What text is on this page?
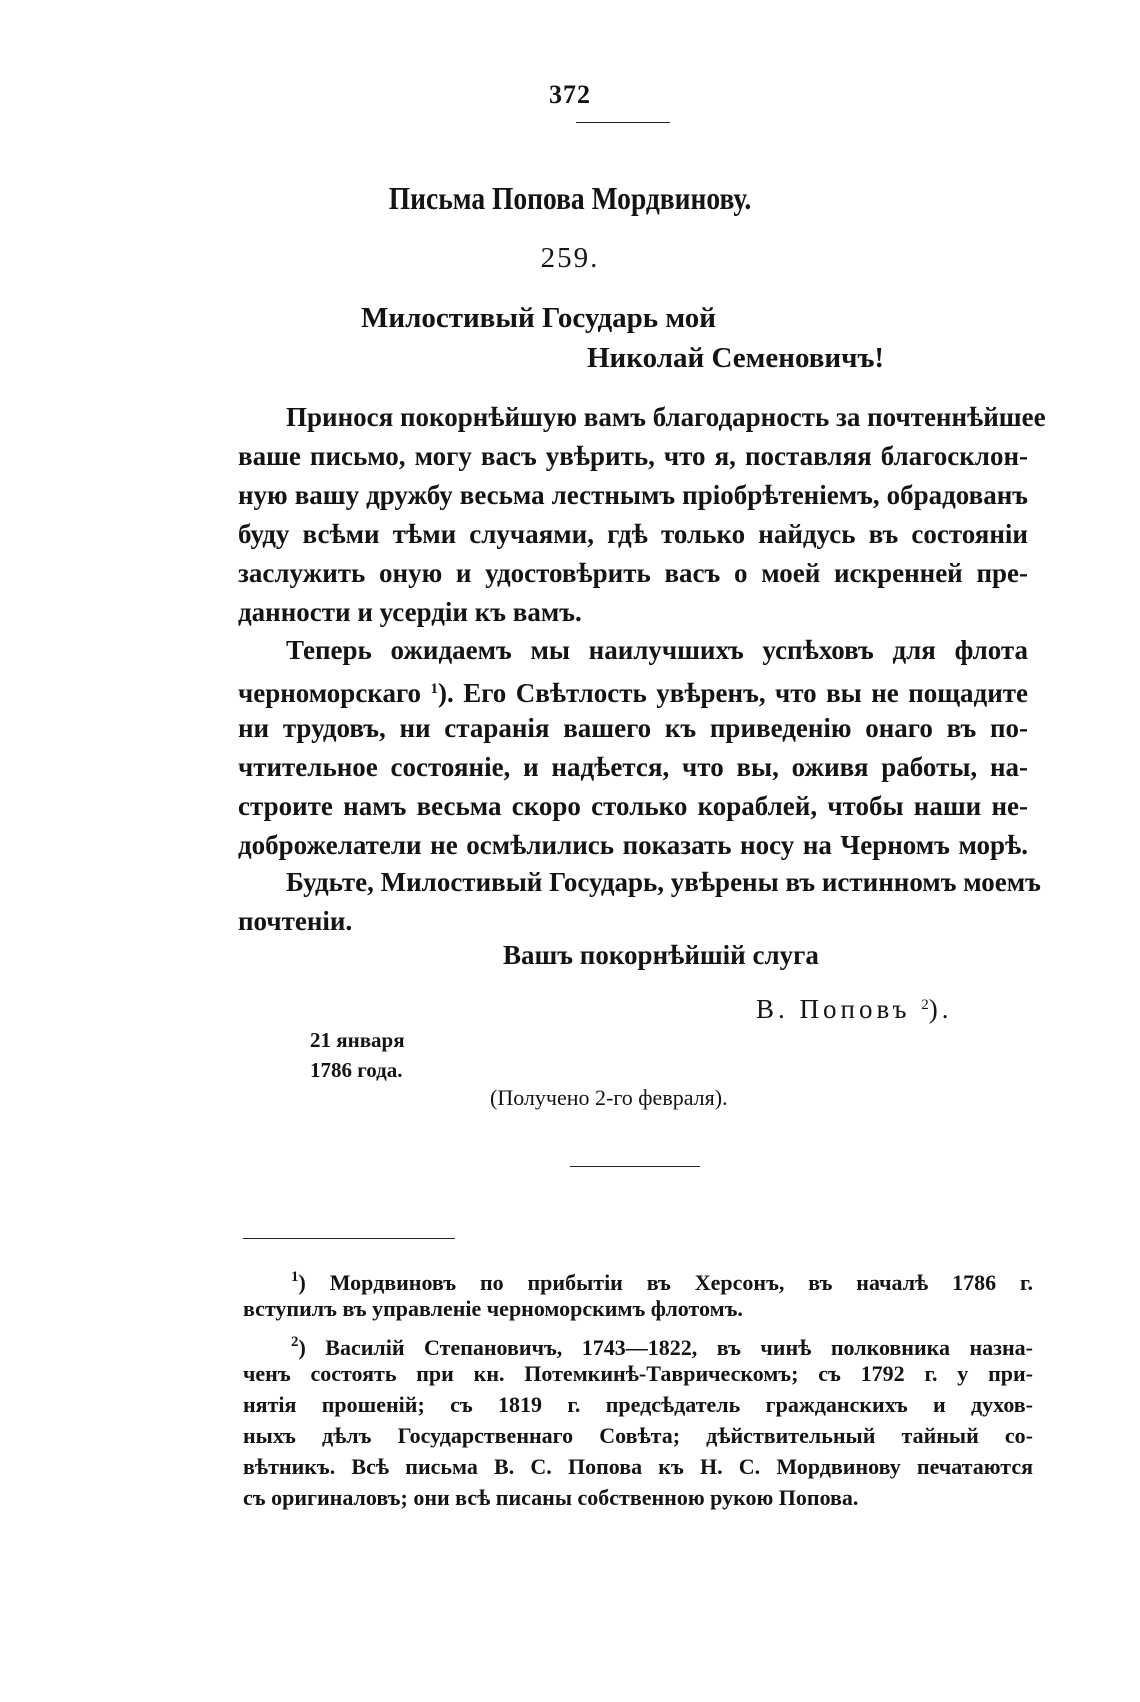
372
Письма Попова Мордвинову.
259.
Милостивый Государь мой
Николай Семеновичъ!
Принося покорнѣйшую вамъ благодарность за почтеннѣйшее
ваше письмо, могу васъ увѣрить, что я, поставляя благосклон-
ную вашу дружбу весьма лестнымъ пріобрѣтеніемъ, обрадованъ
буду всѣми тѣми случаями, гдѣ только найдусь въ состояніи
заслужить оную и удостовѣрить васъ о моей искренней пре-
данности и усердіи къ вамъ.
Теперь ожидаемъ мы наилучшихъ успѣховъ для флота
черноморскаго $^1$). Его Свѣтлость увѣренъ, что вы не пощадите
ни трудовъ, ни старанія вашего къ приведенію онаго въ по-
чтительное состояніе, и надѣется, что вы, оживя работы, на-
строите намъ весьма скоро столько кораблей, чтобы наши не-
доброжелатели не осмѣлились показать носу на Черномъ морѣ.
Будьте, Милостивый Государь, увѣрены въ истинномъ моемъ
почтеніи.
Вашъ покорнѣйшій слуга
В. Поповъ $^2$).
21 января
1786 года.
(Получено 2-го февраля).
$^1$) Мордвиновъ по прибытіи въ Херсонъ, въ началѣ 1786 г.
вступилъ въ управленіе черноморскимъ флотомъ.
$^2$) Василій Степановичъ, 1743—1822, въ чинѣ полковника назна-
ченъ состоять при кн. Потемкинѣ-Таврическомъ; съ 1792 г. у при-
нятія прошеній; съ 1819 г. предсѣдатель гражданскихъ и духов-
ныхъ дѣлъ Государственнаго Совѣта; дѣйствительный тайный со-
вѣтникъ. Всѣ письма В. С. Попова къ Н. С. Мордвинову печатаются
съ оригиналовъ; они всѣ писаны собственною рукою Попова.
